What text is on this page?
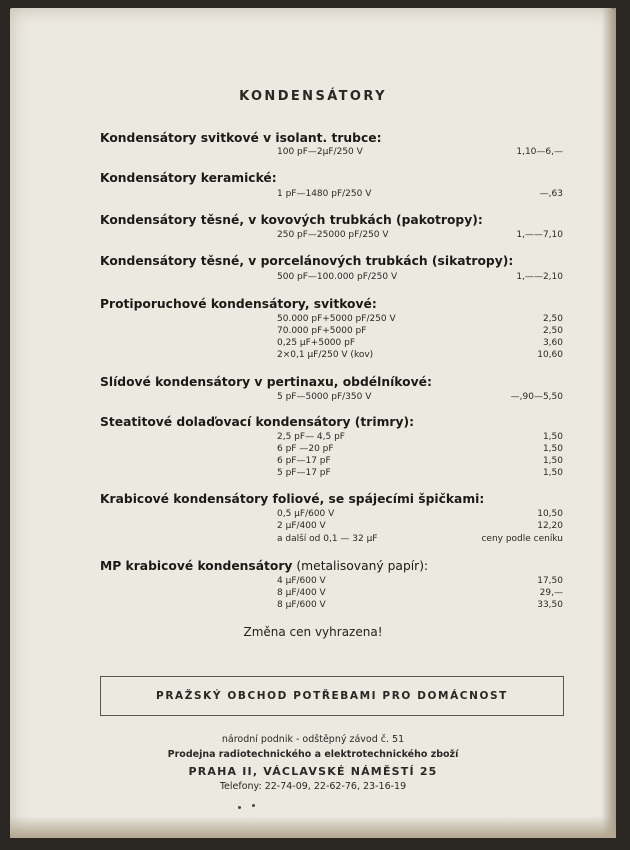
KONDENSÁTORY
Kondensátory svitkové v isolant. trubce:
100 pF—2μF/250 V	1,10—6,—
Kondensátory keramické:
1 pF—1480 pF/250 V	—,63
Kondensátory těsné, v kovových trubkách (pakotropy):
250 pF—25000 pF/250 V	1,——7,10
Kondensátory těsné, v porcelánových trubkách (sikatropy):
500 pF—100.000 pF/250 V	1,——2,10
Protiporuchové kondensátory, svitkové:
50.000 pF+5000 pF/250 V	2,50
70.000 pF+5000 pF	2,50
0,25 μF+5000 pF	3,60
2×0,1 μF/250 V (kov)	10,60
Slídové kondensátory v pertinaxu, obdélníkové:
5 pF—5000 pF/350 V	—,90—5,50
Steatitové dolaďovací kondensátory (trimry):
2,5 pF— 4,5 pF	1,50
6 pF —20 pF	1,50
6 pF—17 pF	1,50
5 pF—17 pF	1,50
Krabicové kondensátory foliové, se spájecími špičkami:
0,5 μF/600 V	10,50
2 μF/400 V	12,20
a další od 0,1 — 32 μF	ceny podle ceníku
MP krabicové kondensátory (metalisovaný papír):
4 μF/600 V	17,50
8 μF/400 V	29,—
8 μF/600 V	33,50
Změna cen vyhrazena!
PRAŽSKÝ OBCHOD POTŘEBAMI PRO DOMÁCNOST
národní podnik - odštěpný závod č. 51
Prodejna radiotechnického a elektrotechnického zboží
PRAHA II, VÁCLAVSKÉ NÁMĚSTÍ 25
Telefony: 22-74-09, 22-62-76, 23-16-19
